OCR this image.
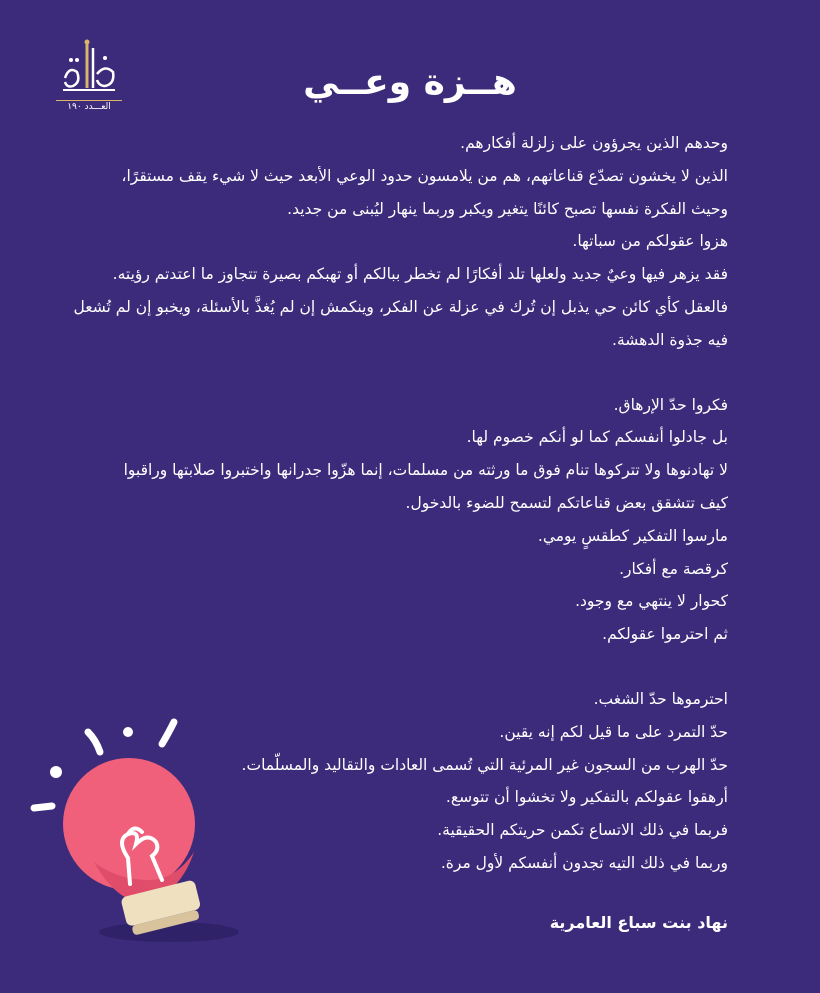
العـــدد ١٩٠
هــزة وعــي
وحدهم الذين يجرؤون على زلزلة أفكارهم.
الذين لا يخشون تصدّع قناعاتهم، هم من يلامسون حدود الوعي الأبعد حيث لا شيء يقف مستقرًا،
وحيث الفكرة نفسها تصبح كائنًا يتغير ويكبر وربما ينهار ليُبنى من جديد.
هزوا عقولكم من سباتها.
فقد يزهر فيها وعيٌ جديد ولعلها تلد أفكارًا لم تخطر ببالكم أو تهبكم بصيرة تتجاوز ما اعتدتم رؤيته.
فالعقل كأي كائن حي يذبل إن تُرك في عزلة عن الفكر، وينكمش إن لم يُغذَّ بالأسئلة، ويخبو إن لم تُشعل
فيه جذوة الدهشة.
فكروا حدّ الإرهاق.
بل جادلوا أنفسكم كما لو أنكم خصوم لها.
لا تهادنوها ولا تتركوها تنام فوق ما ورثته من مسلمات، إنما هزّوا جدرانها واختبروا صلابتها وراقبوا
كيف تتشقق بعض قناعاتكم لتسمح للضوء بالدخول.
مارسوا التفكير كطقسٍ يومي.
كرقصة مع أفكار.
كحوار لا ينتهي مع وجود.
ثم احترموا عقولكم.
احترموها حدّ الشغب.
حدّ التمرد على ما قيل لكم إنه يقين.
حدّ الهرب من السجون غير المرئية التي تُسمى العادات والتقاليد والمسلّمات.
أرهقوا عقولكم بالتفكير ولا تخشوا أن تتوسع.
فربما في ذلك الاتساع تكمن حريتكم الحقيقية.
وربما في ذلك التيه تجدون أنفسكم لأول مرة.
نهاد بنت سباع العامرية
